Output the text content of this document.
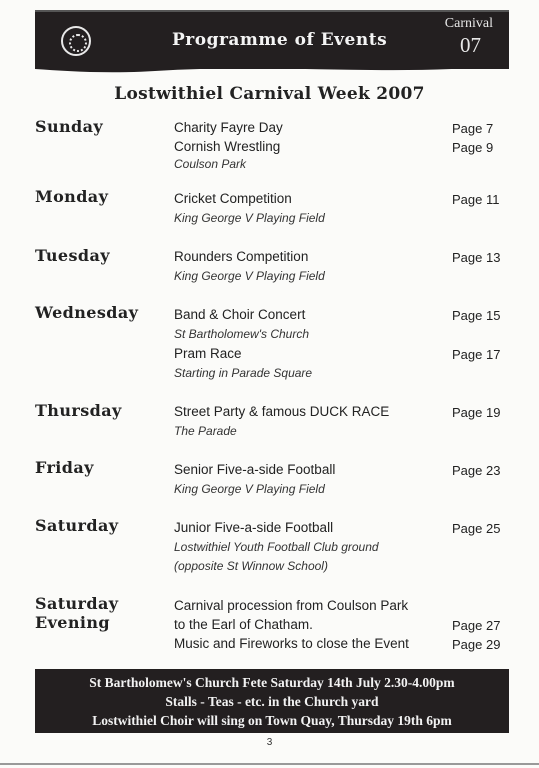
Programme of Events
Carnival
07
Lostwithiel Carnival Week 2007
Sunday	Charity Fayre Day	Page 7
Cornish Wrestling	Page 9
Coulson Park
Monday	Cricket Competition	Page 11
King George V Playing Field
Tuesday	Rounders Competition	Page 13
King George V Playing Field
Wednesday	Band & Choir Concert	Page 15
St Bartholomew's Church
Pram Race	Page 17
Starting in Parade Square
Thursday	Street Party & famous DUCK RACE	Page 19
The Parade
Friday	Senior Five-a-side Football	Page 23
King George V Playing Field
Saturday	Junior Five-a-side Football	Page 25
Lostwithiel Youth Football Club ground
(opposite St Winnow School)
Saturday
Evening
Carnival procession from Coulson Park
to the Earl of Chatham.	Page 27
Music and Fireworks to close the Event	Page 29
St Bartholomew's Church Fete Saturday 14th July 2.30-4.00pm
Stalls - Teas - etc. in the Church yard
Lostwithiel Choir will sing on Town Quay, Thursday 19th 6pm
3
